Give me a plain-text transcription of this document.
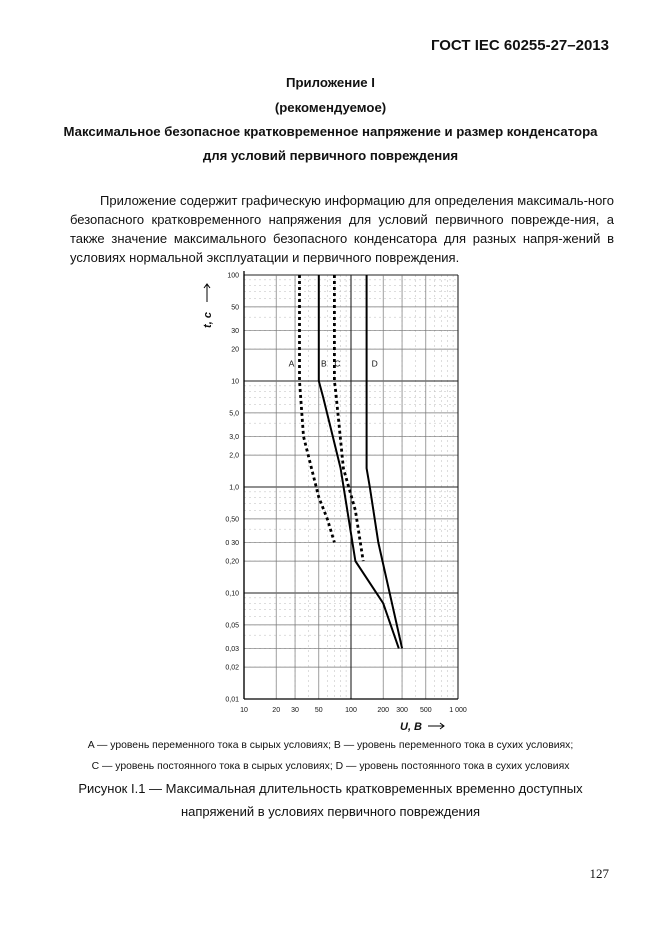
ГОСТ IEC 60255-27–2013
Приложение I
(рекомендуемое)
Максимальное безопасное кратковременное напряжение и размер конденсатора
для условий первичного повреждения
Приложение содержит графическую информацию для определения максималь-ного безопасного кратковременного напряжения для условий первичного поврежде-ния, а также значение максимального безопасного конденсатора для разных напря-жений в условиях нормальной эксплуатации и первичного повреждения.
0,01
0,02
0,03
0,05
0,10
0,20
0 30
0,50
1,0
2,0
3,0
5,0
10
20
30
50
100
10	20 30 50	100	200 300 500	1 000
U, В
t, c
A	B C	D
A — уровень переменного тока в сырых условиях; B — уровень переменного тока в сухих условиях;
C — уровень постоянного тока в сырых условиях; D — уровень постоянного тока в сухих условиях
Рисунок I.1 — Максимальная длительность кратковременных временно доступных
напряжений в условиях первичного повреждения
127
